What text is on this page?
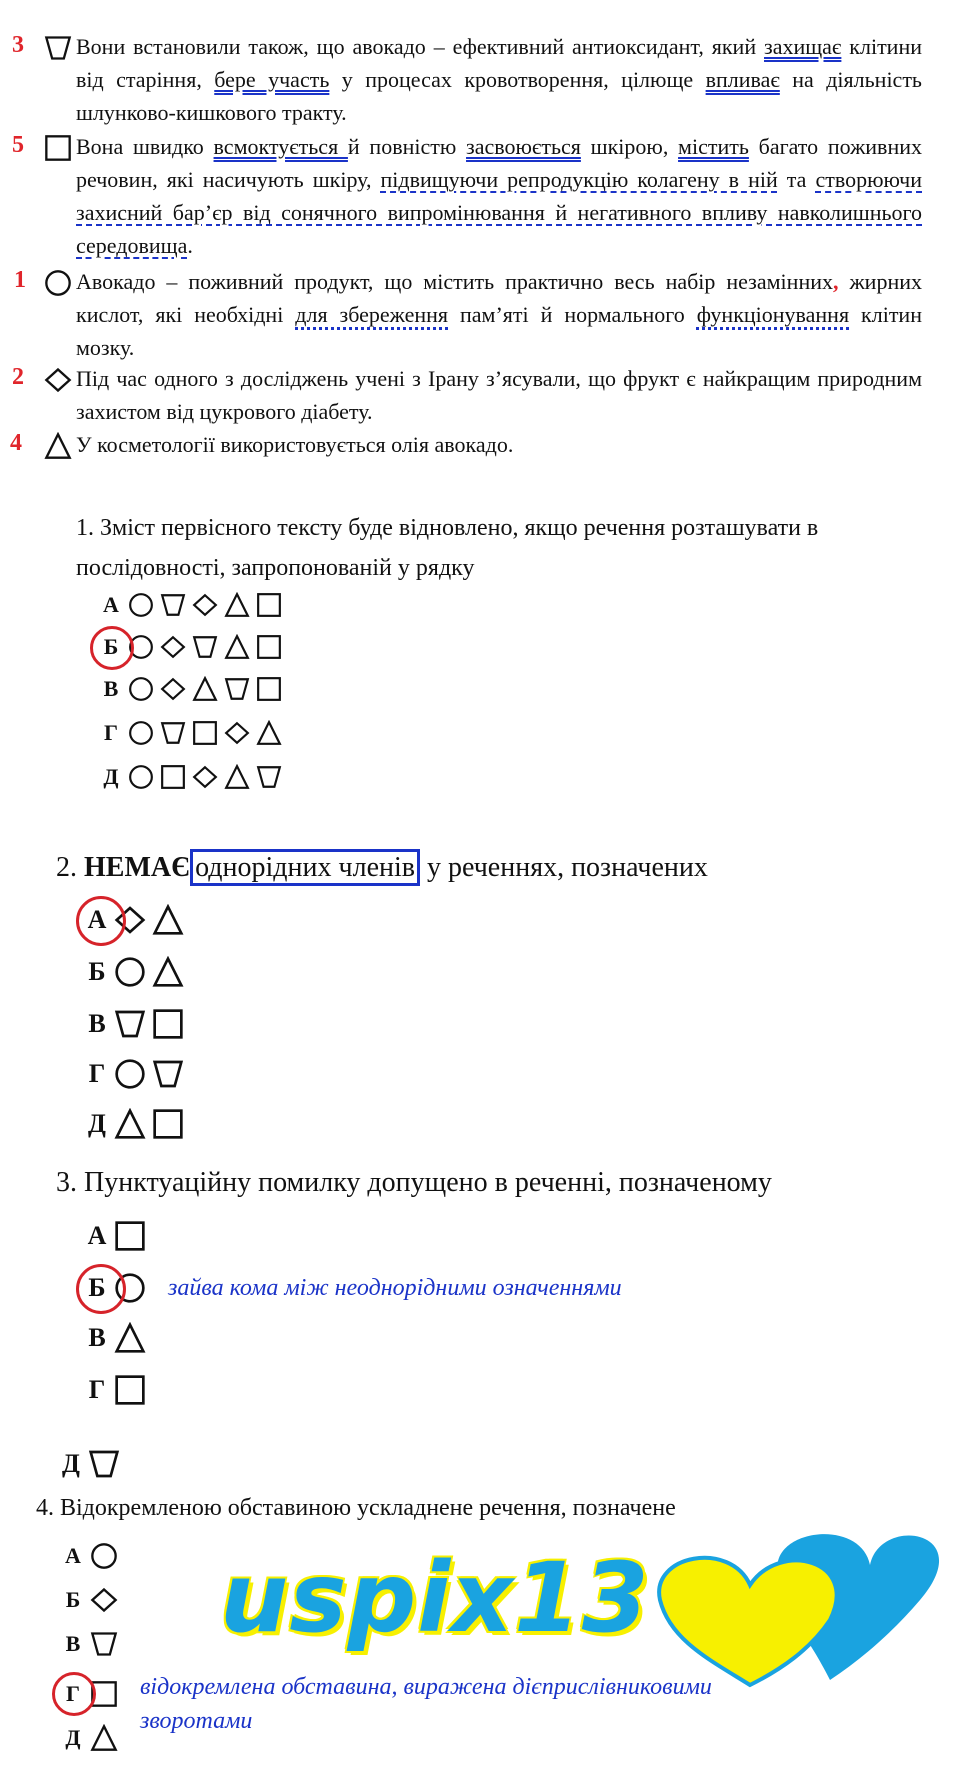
3 Вони встановили також, що авокадо – ефективний антиоксидант, який захищає клітини від старіння, бере участь у процесах кровотворення, цілюще впливає на діяльність шлунково-кишкового тракту.
5 Вона швидко всмоктується й повністю засвоюється шкірою, містить багато поживних речовин, які насичують шкіру, підвищуючи репродукцію колагену в ній та створюючи захисний бар’єр від сонячного випромінювання й негативного впливу навколишнього середовища.
1 Авокадо – поживний продукт, що містить практично весь набір незамінних, жирних кислот, які необхідні для збереження пам’яті й нормального функціонування клітин мозку.
2 Під час одного з досліджень учені з Ірану з’ясували, що фрукт є найкращим природним захистом від цукрового діабету.
4 У косметології використовується олія авокадо.
1. Зміст первісного тексту буде відновлено, якщо речення розташувати в
послідовності, запропонованій у рядку
А
Б
В
Г
Д
2. НЕМАЄ однорідних членів у реченнях, позначених
А
Б
В
Г
Д
3. Пунктуаційну помилку допущено в реченні, позначеному
А
Б
В
Г
Д
зайва кома між неоднорідними означеннями
4. Відокремленою обставиною ускладнене речення, позначене
А
Б
В
Г
Д
відокремлена обставина, виражена дієприслівниковими
зворотами
uspix13
